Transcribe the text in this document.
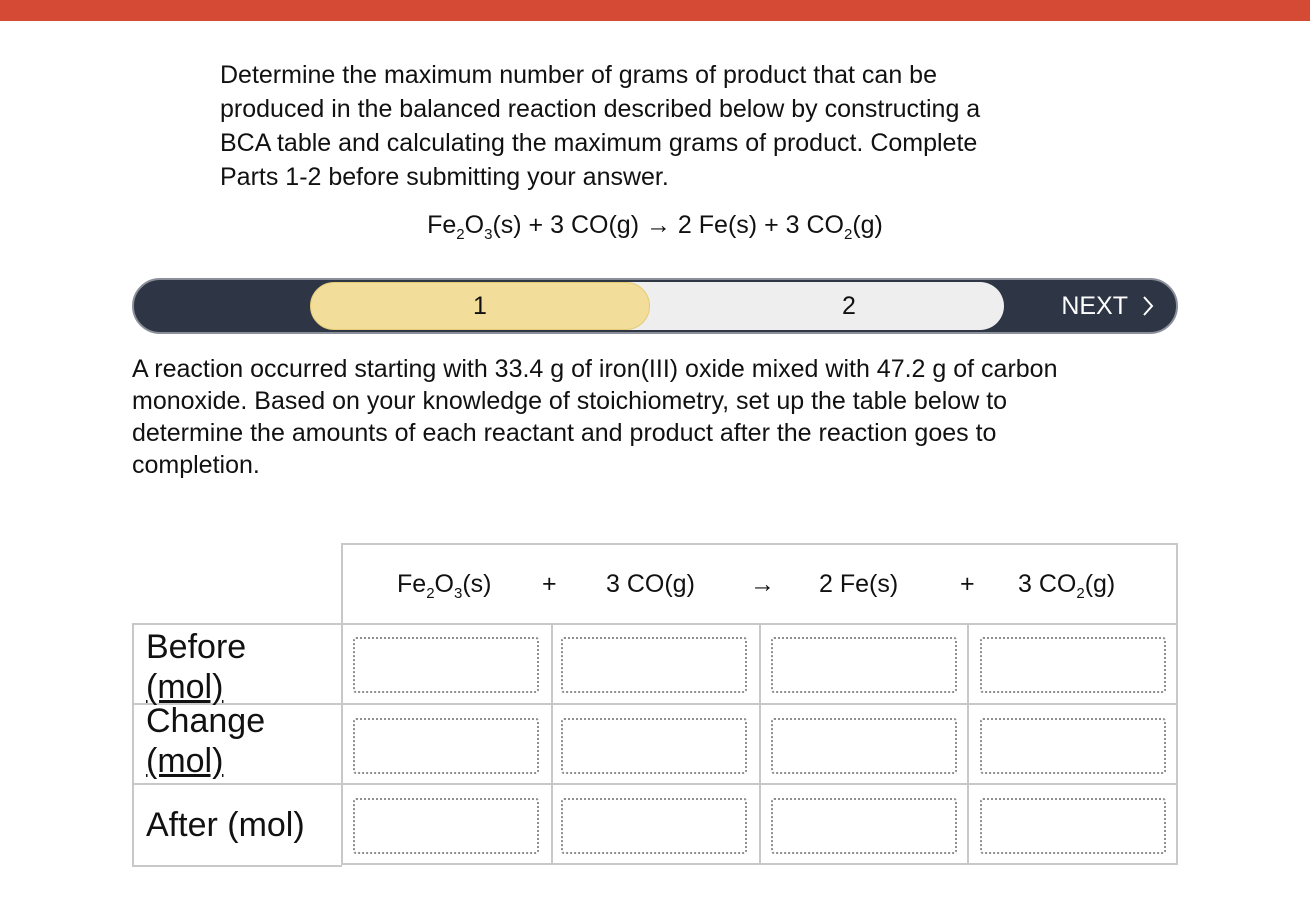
Determine the maximum number of grams of product that can be
produced in the balanced reaction described below by constructing a
BCA table and calculating the maximum grams of product. Complete
Parts 1-2 before submitting your answer.
$Fe_2O_3(s) + 3$ CO(g) → 2 Fe(s) + 3 $CO_2(g)$
2
1	NEXT
A reaction occurred starting with 33.4 g of iron(III) oxide mixed with 47.2 g of carbon
monoxide. Based on your knowledge of stoichiometry, set up the table below to
determine the amounts of each reactant and product after the reaction goes to
completion.
Before
(mol)
Change
(mol)
After (mol)
$Fe_2O_3(s) + 3$ CO(g) → 2 Fe(s) + 3 $CO_2(g)$
